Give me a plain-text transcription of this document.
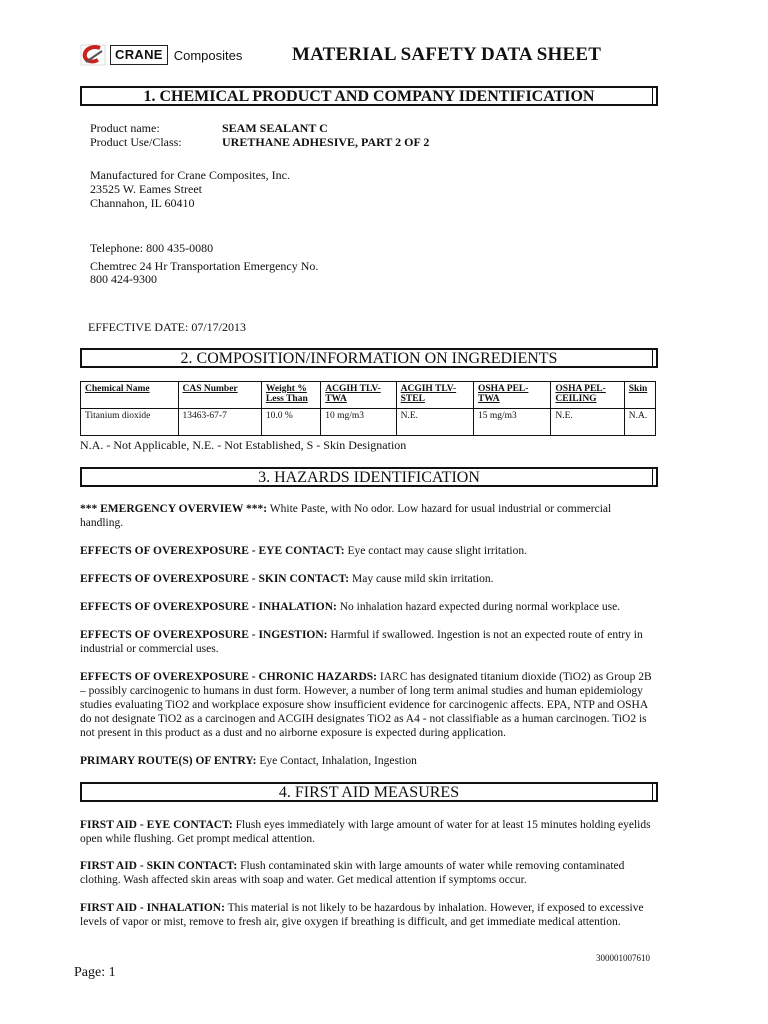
CRANE Composites	MATERIAL SAFETY DATA SHEET
1. CHEMICAL PRODUCT AND COMPANY IDENTIFICATION
Product name:	SEAM SEALANT C
Product Use/Class:	URETHANE ADHESIVE, PART 2 OF 2
Manufactured for Crane Composites, Inc.
23525 W. Eames Street
Channahon, IL 60410
Telephone: 800 435-0080
Chemtrec 24 Hr Transportation Emergency No.
800 424-9300
EFFECTIVE DATE: 07/17/2013
2. COMPOSITION/INFORMATION ON INGREDIENTS
Chemical Name	CAS Number	Weight % Less Than	ACGIH TLV-TWA	ACGIH TLV-STEL	OSHA PEL-TWA	OSHA PEL-CEILING	Skin
Titanium dioxide	13463-67-7	10.0 %	10 mg/m3	N.E.	15 mg/m3	N.E.	N.A.
N.A. - Not Applicable, N.E. - Not Established, S - Skin Designation
3. HAZARDS IDENTIFICATION
*** EMERGENCY OVERVIEW ***: White Paste, with No odor. Low hazard for usual industrial or commercial handling.
EFFECTS OF OVEREXPOSURE - EYE CONTACT: Eye contact may cause slight irritation.
EFFECTS OF OVEREXPOSURE - SKIN CONTACT: May cause mild skin irritation.
EFFECTS OF OVEREXPOSURE - INHALATION: No inhalation hazard expected during normal workplace use.
EFFECTS OF OVEREXPOSURE - INGESTION: Harmful if swallowed. Ingestion is not an expected route of entry in industrial or commercial uses.
EFFECTS OF OVEREXPOSURE - CHRONIC HAZARDS: IARC has designated titanium dioxide (TiO2) as Group 2B – possibly carcinogenic to humans in dust form. However, a number of long term animal studies and human epidemiology studies evaluating TiO2 and workplace exposure show insufficient evidence for carcinogenic affects. EPA, NTP and OSHA do not designate TiO2 as a carcinogen and ACGIH designates TiO2 as A4 - not classifiable as a human carcinogen. TiO2 is not present in this product as a dust and no airborne exposure is expected during application.
PRIMARY ROUTE(S) OF ENTRY: Eye Contact, Inhalation, Ingestion
4. FIRST AID MEASURES
FIRST AID - EYE CONTACT: Flush eyes immediately with large amount of water for at least 15 minutes holding eyelids open while flushing. Get prompt medical attention.
FIRST AID - SKIN CONTACT: Flush contaminated skin with large amounts of water while removing contaminated clothing. Wash affected skin areas with soap and water. Get medical attention if symptoms occur.
FIRST AID - INHALATION: This material is not likely to be hazardous by inhalation. However, if exposed to excessive levels of vapor or mist, remove to fresh air, give oxygen if breathing is difficult, and get immediate medical attention.
300001007610
Page: 1
